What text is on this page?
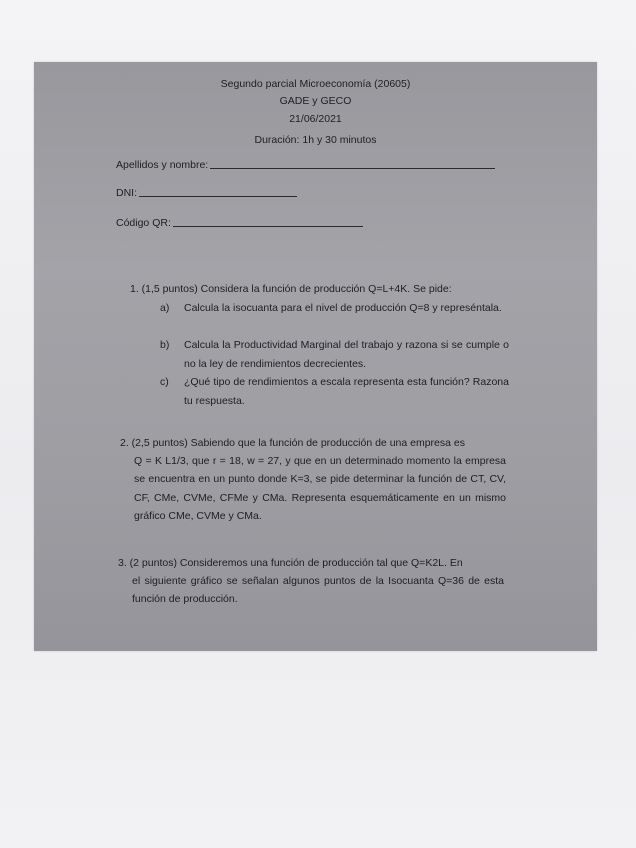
Segundo parcial Microeconomía (20605)
GADE y GECO
21/06/2021
Duración: 1h y 30 minutos
Apellidos y nombre:
DNI:
Código QR:
1. (1,5 puntos) Considera la función de producción Q=L+4K. Se pide:
a) Calcula la isocuanta para el nivel de producción Q=8 y represéntala.
b) Calcula la Productividad Marginal del trabajo y razona si se cumple o no la ley de rendimientos decrecientes.
c) ¿Qué tipo de rendimientos a escala representa esta función? Razona tu respuesta.
2. (2,5 puntos) Sabiendo que la función de producción de una empresa es
Q = K L1/3, que r = 18, w = 27, y que en un determinado momento la empresa se encuentra en un punto donde K=3, se pide determinar la función de CT, CV, CF, CMe, CVMe, CFMe y CMa. Representa esquemáticamente en un mismo gráfico CMe, CVMe y CMa.
3. (2 puntos) Consideremos una función de producción tal que Q=K2L. En
el siguiente gráfico se señalan algunos puntos de la Isocuanta Q=36 de esta función de producción.
